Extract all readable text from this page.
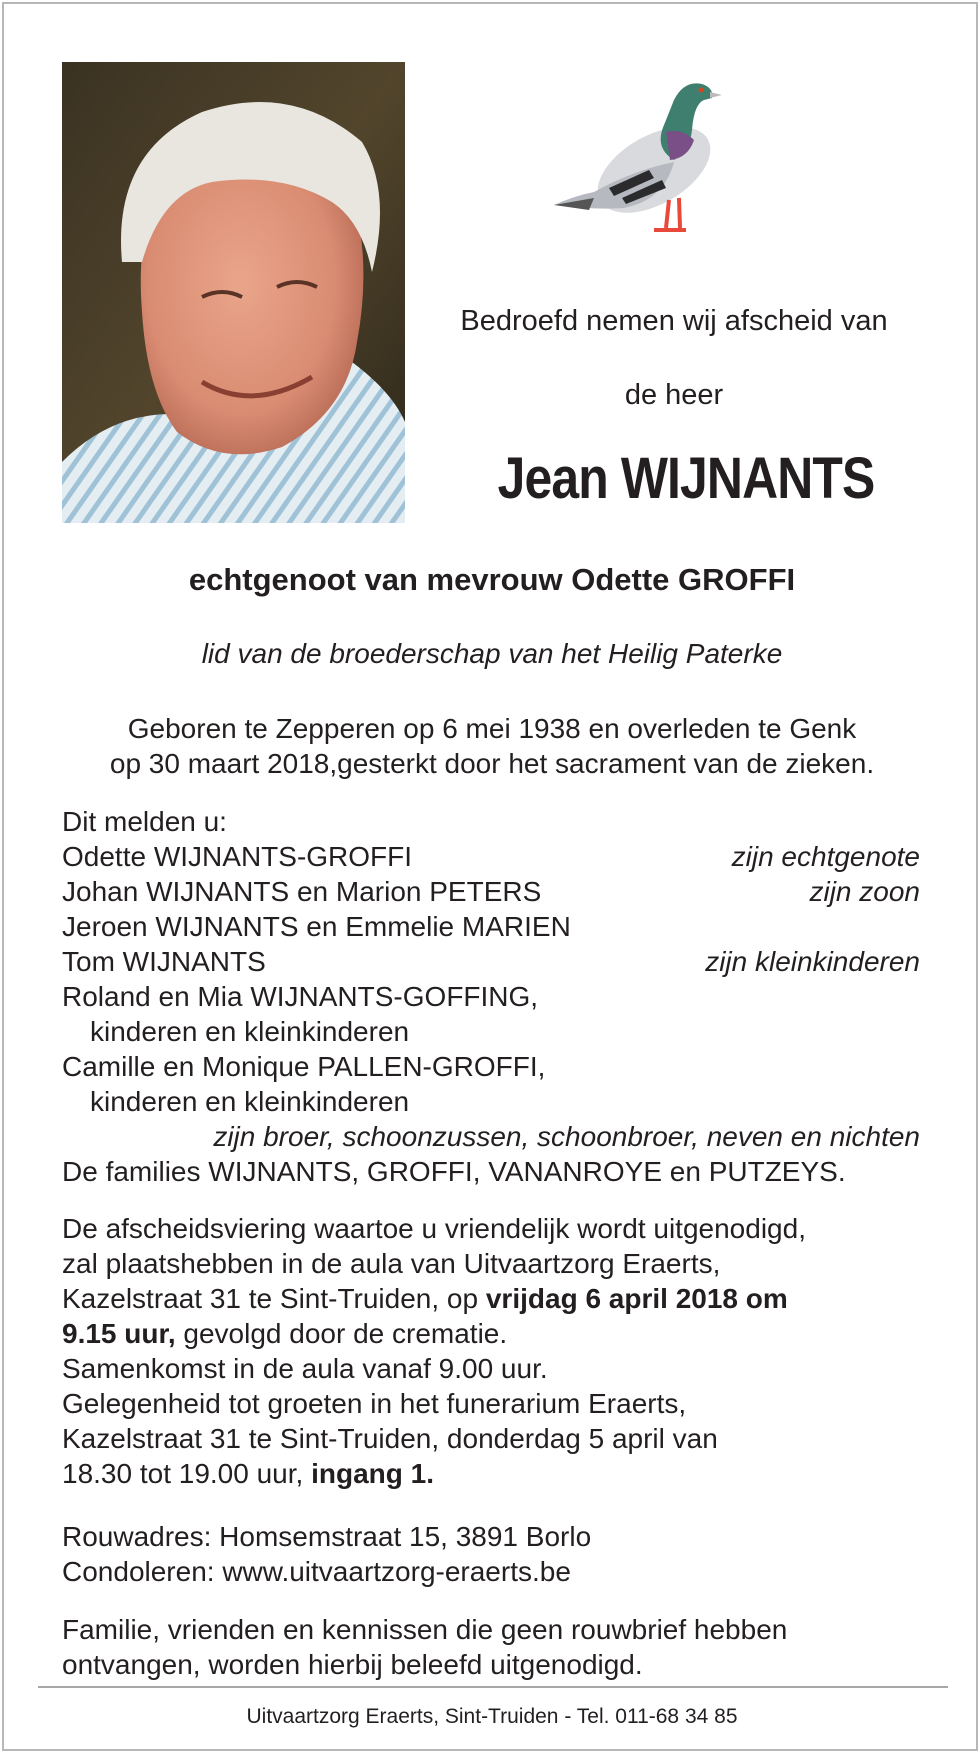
Bedroefd nemen wij afscheid van

de heer

Jean WIJNANTS

echtgenoot van mevrouw Odette GROFFI

lid van de broederschap van het Heilig Paterke

Geboren te Zepperen op 6 mei 1938 en overleden te Genk
op 30 maart 2018,gesterkt door het sacrament van de zieken.

Dit melden u:
Odette WIJNANTS-GROFFI	zijn echtgenote
Johan WIJNANTS en Marion PETERS	zijn zoon
Jeroen WIJNANTS en Emmelie MARIEN
Tom WIJNANTS	zijn kleinkinderen
Roland en Mia WIJNANTS-GOFFING,
kinderen en kleinkinderen
Camille en Monique PALLEN-GROFFI,
kinderen en kleinkinderen
zijn broer, schoonzussen, schoonbroer, neven en nichten
De families WIJNANTS, GROFFI, VANANROYE en PUTZEYS.

De afscheidsviering waartoe u vriendelijk wordt uitgenodigd,
zal plaatshebben in de aula van Uitvaartzorg Eraerts,
Kazelstraat 31 te Sint-Truiden, op vrijdag 6 april 2018 om
9.15 uur, gevolgd door de crematie.
Samenkomst in de aula vanaf 9.00 uur.
Gelegenheid tot groeten in het funerarium Eraerts,
Kazelstraat 31 te Sint-Truiden, donderdag 5 april van
18.30 tot 19.00 uur, ingang 1.

Rouwadres: Homsemstraat 15, 3891 Borlo
Condoleren: www.uitvaartzorg-eraerts.be

Familie, vrienden en kennissen die geen rouwbrief hebben
ontvangen, worden hierbij beleefd uitgenodigd.

Uitvaartzorg Eraerts, Sint-Truiden - Tel. 011-68 34 85
